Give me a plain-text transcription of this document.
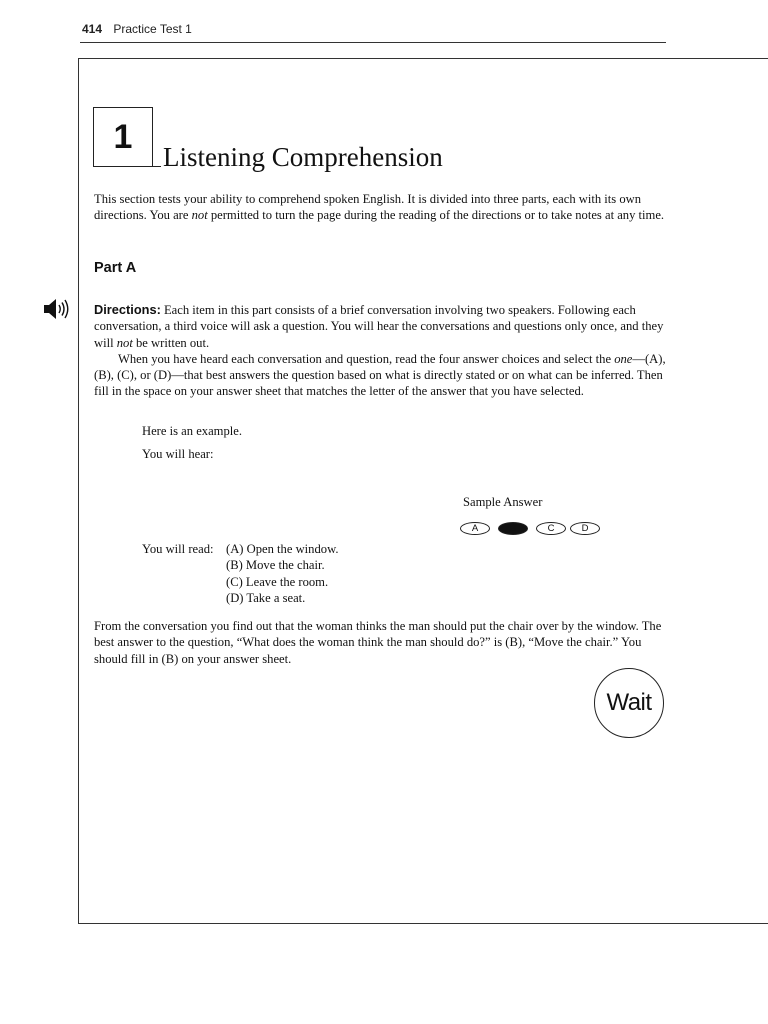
414 Practice Test 1
1
Listening Comprehension
This section tests your ability to comprehend spoken English. It is divided into three parts, each with its own directions. You are not permitted to turn the page during the reading of the directions or to take notes at any time.
Part A
Directions: Each item in this part consists of a brief conversation involving two speakers. Following each conversation, a third voice will ask a question. You will hear the conversations and questions only once, and they will not be written out.
When you have heard each conversation and question, read the four answer choices and select the one—(A), (B), (C), or (D)—that best answers the question based on what is directly stated or on what can be inferred. Then fill in the space on your answer sheet that matches the letter of the answer that you have selected.
Here is an example.
You will hear:
Sample Answer
A	B	C	D
You will read: (A) Open the window.
(B) Move the chair.
(C) Leave the room.
(D) Take a seat.
From the conversation you find out that the woman thinks the man should put the chair over by the window. The best answer to the question, “What does the woman think the man should do?” is (B), “Move the chair.” You should fill in (B) on your answer sheet.
Wait
